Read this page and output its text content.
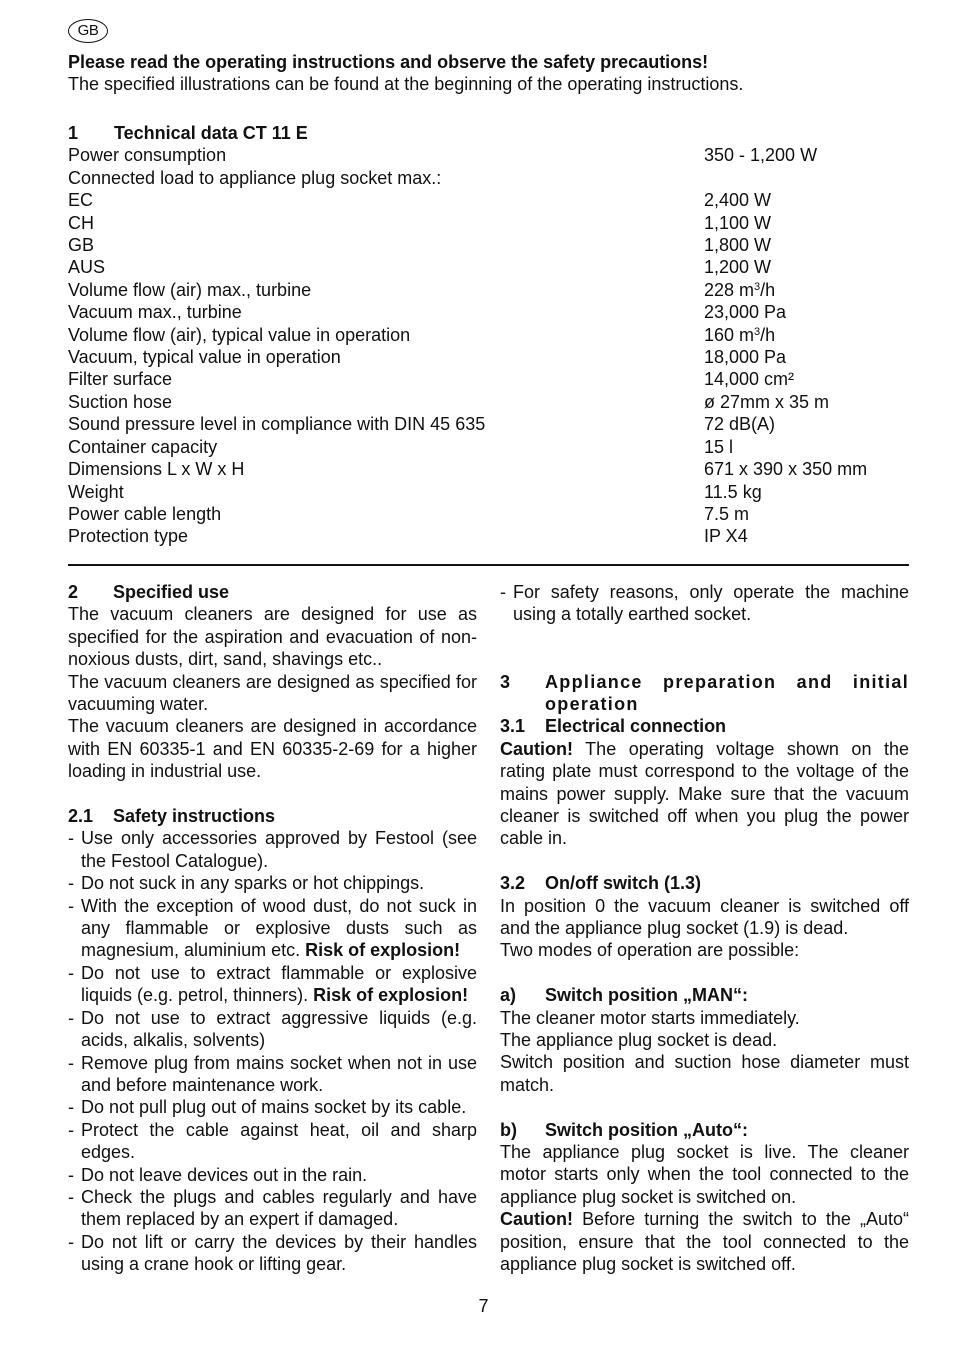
GB
Please read the operating instructions and observe the safety precautions!
The specified illustrations can be found at the beginning of the operating instructions.
1	Technical data CT 11 E
Power consumption	350 - 1,200 W
Connected load to appliance plug socket max.:
EC	2,400 W
CH	1,100 W
GB	1,800 W
AUS	1,200 W
Volume flow (air) max., turbine	228 $m^3/h$
Vacuum max., turbine	23,000 Pa
Volume flow (air), typical value in operation	160 $m^3/h$
Vacuum, typical value in operation	18,000 Pa
Filter surface	14,000 cm²
Suction hose	ø 27mm x 35 m
Sound pressure level in compliance with DIN 45 635	72 dB(A)
Container capacity	15 l
Dimensions L x W x H	671 x 390 x 350 mm
Weight	11.5 kg
Power cable length	7.5 m
Protection type	IP X4
2	Specified use
The vacuum cleaners are designed for use as specified for the aspiration and evacuation of non-noxious dusts, dirt, sand, shavings etc..
The vacuum cleaners are designed as specified for vacuuming water.
The vacuum cleaners are designed in accordance with EN 60335-1 and EN 60335-2-69 for a higher loading in industrial use.
2.1	Safety instructions
- Use only accessories approved by Festool (see the Festool Catalogue).
- Do not suck in any sparks or hot chippings.
- With the exception of wood dust, do not suck in any flammable or explosive dusts such as magnesium, aluminium etc. Risk of explosion!
- Do not use to extract flammable or explosive liquids (e.g. petrol, thinners). Risk of explosion!
- Do not use to extract aggressive liquids (e.g. acids, alkalis, solvents)
- Remove plug from mains socket when not in use and before maintenance work.
- Do not pull plug out of mains socket by its cable.
- Protect the cable against heat, oil and sharp edges.
- Do not leave devices out in the rain.
- Check the plugs and cables regularly and have them replaced by an expert if damaged.
- Do not lift or carry the devices by their handles using a crane hook or lifting gear.
- For safety reasons, only operate the machine using a totally earthed socket.
3	Appliance preparation and initial operation
3.1	Electrical connection
Caution! The operating voltage shown on the rating plate must correspond to the voltage of the mains power supply. Make sure that the vacuum cleaner is switched off when you plug the power cable in.
3.2	On/off switch (1.3)
In position 0 the vacuum cleaner is switched off and the appliance plug socket (1.9) is dead.
Two modes of operation are possible:
a)	Switch position „MAN“:
The cleaner motor starts immediately.
The appliance plug socket is dead.
Switch position and suction hose diameter must match.
b)	Switch position „Auto“:
The appliance plug socket is live. The cleaner motor starts only when the tool connected to the appliance plug socket is switched on.
Caution! Before turning the switch to the „Auto“ position, ensure that the tool connected to the appliance plug socket is switched off.
7
